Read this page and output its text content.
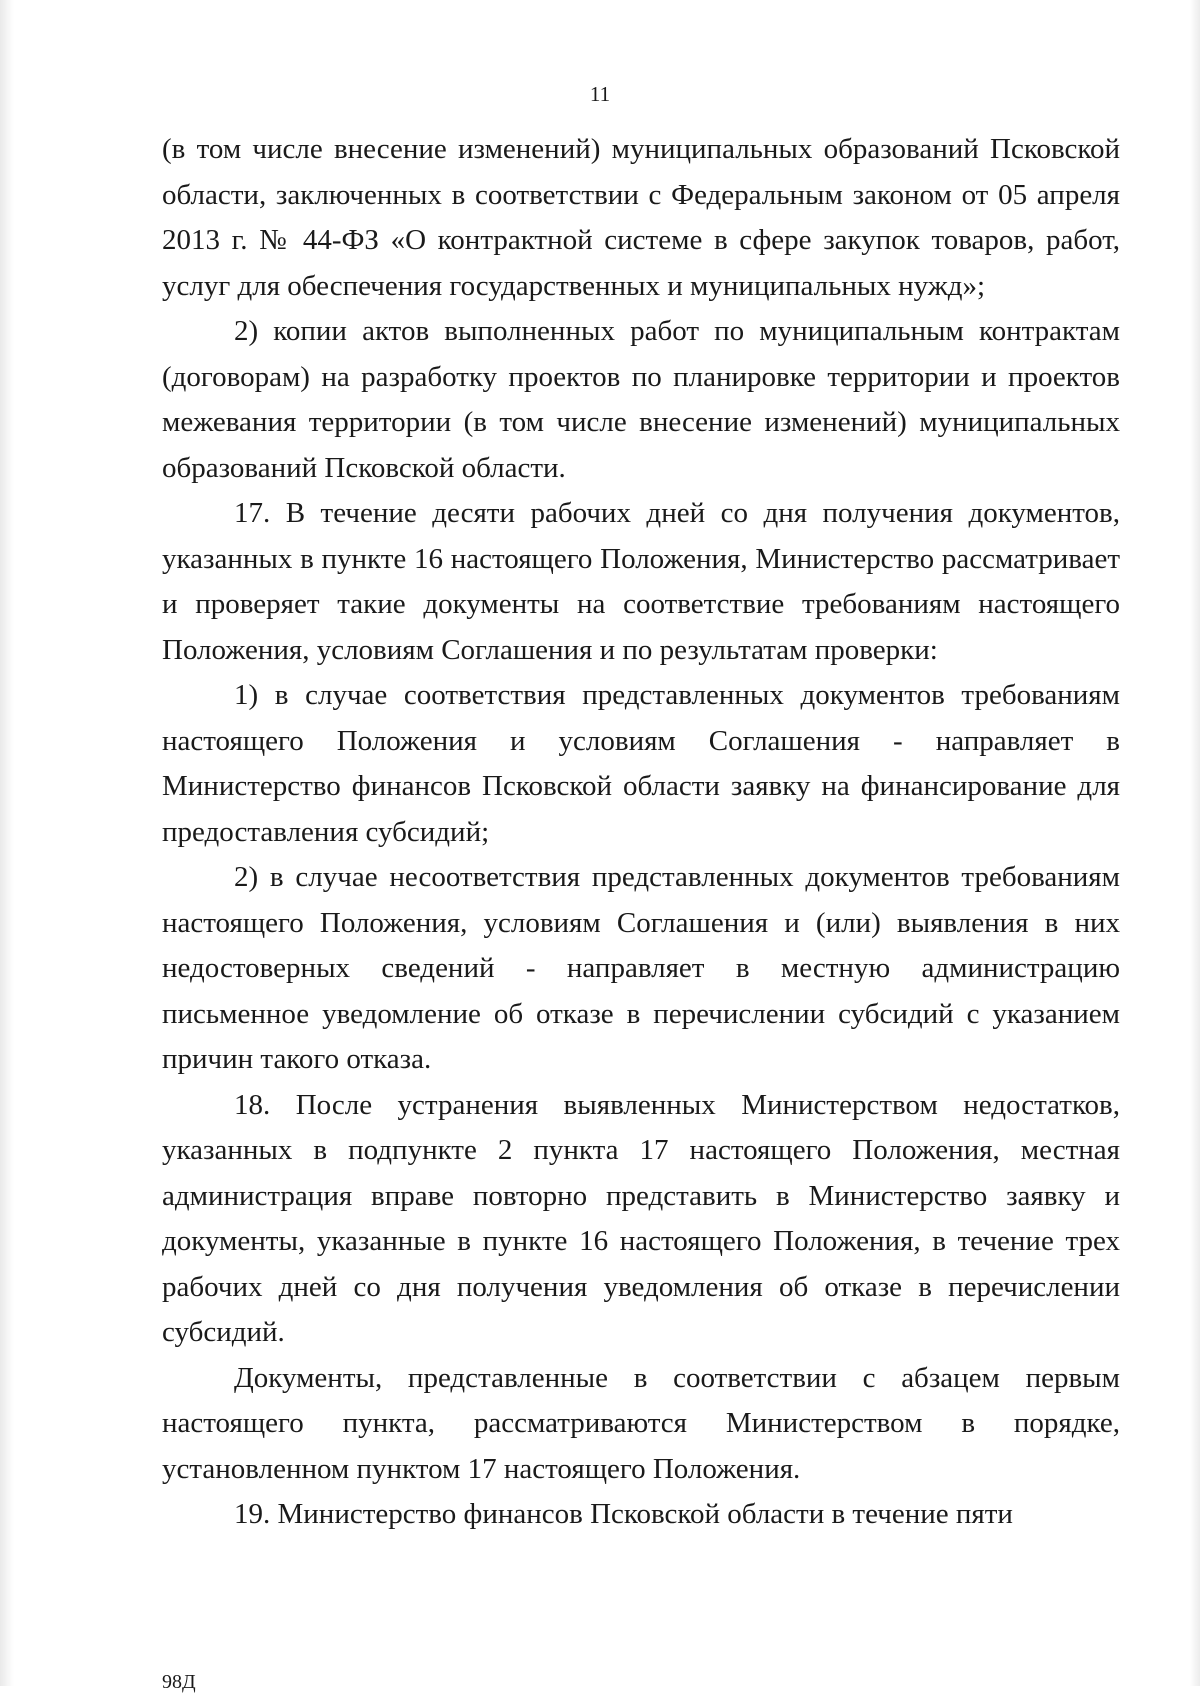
11

(в том числе внесение изменений) муниципальных образований Псковской области, заключенных в соответствии с Федеральным законом от 05 апреля 2013 г. № 44-ФЗ «О контрактной системе в сфере закупок товаров, работ, услуг для обеспечения государственных и муниципальных нужд»;

2) копии актов выполненных работ по муниципальным контрактам (договорам) на разработку проектов по планировке территории и проектов межевания территории (в том числе внесение изменений) муниципальных образований Псковской области.

17. В течение десяти рабочих дней со дня получения документов, указанных в пункте 16 настоящего Положения, Министерство рассматривает и проверяет такие документы на соответствие требованиям настоящего Положения, условиям Соглашения и по результатам проверки:

1) в случае соответствия представленных документов требованиям настоящего Положения и условиям Соглашения - направляет в Министерство финансов Псковской области заявку на финансирование для предоставления субсидий;

2) в случае несоответствия представленных документов требованиям настоящего Положения, условиям Соглашения и (или) выявления в них недостоверных сведений - направляет в местную администрацию письменное уведомление об отказе в перечислении субсидий с указанием причин такого отказа.

18. После устранения выявленных Министерством недостатков, указанных в подпункте 2 пункта 17 настоящего Положения, местная администрация вправе повторно представить в Министерство заявку и документы, указанные в пункте 16 настоящего Положения, в течение трех рабочих дней со дня получения уведомления об отказе в перечислении субсидий.

Документы, представленные в соответствии с абзацем первым настоящего пункта, рассматриваются Министерством в порядке, установленном пунктом 17 настоящего Положения.

19. Министерство финансов Псковской области в течение пяти

98Д
